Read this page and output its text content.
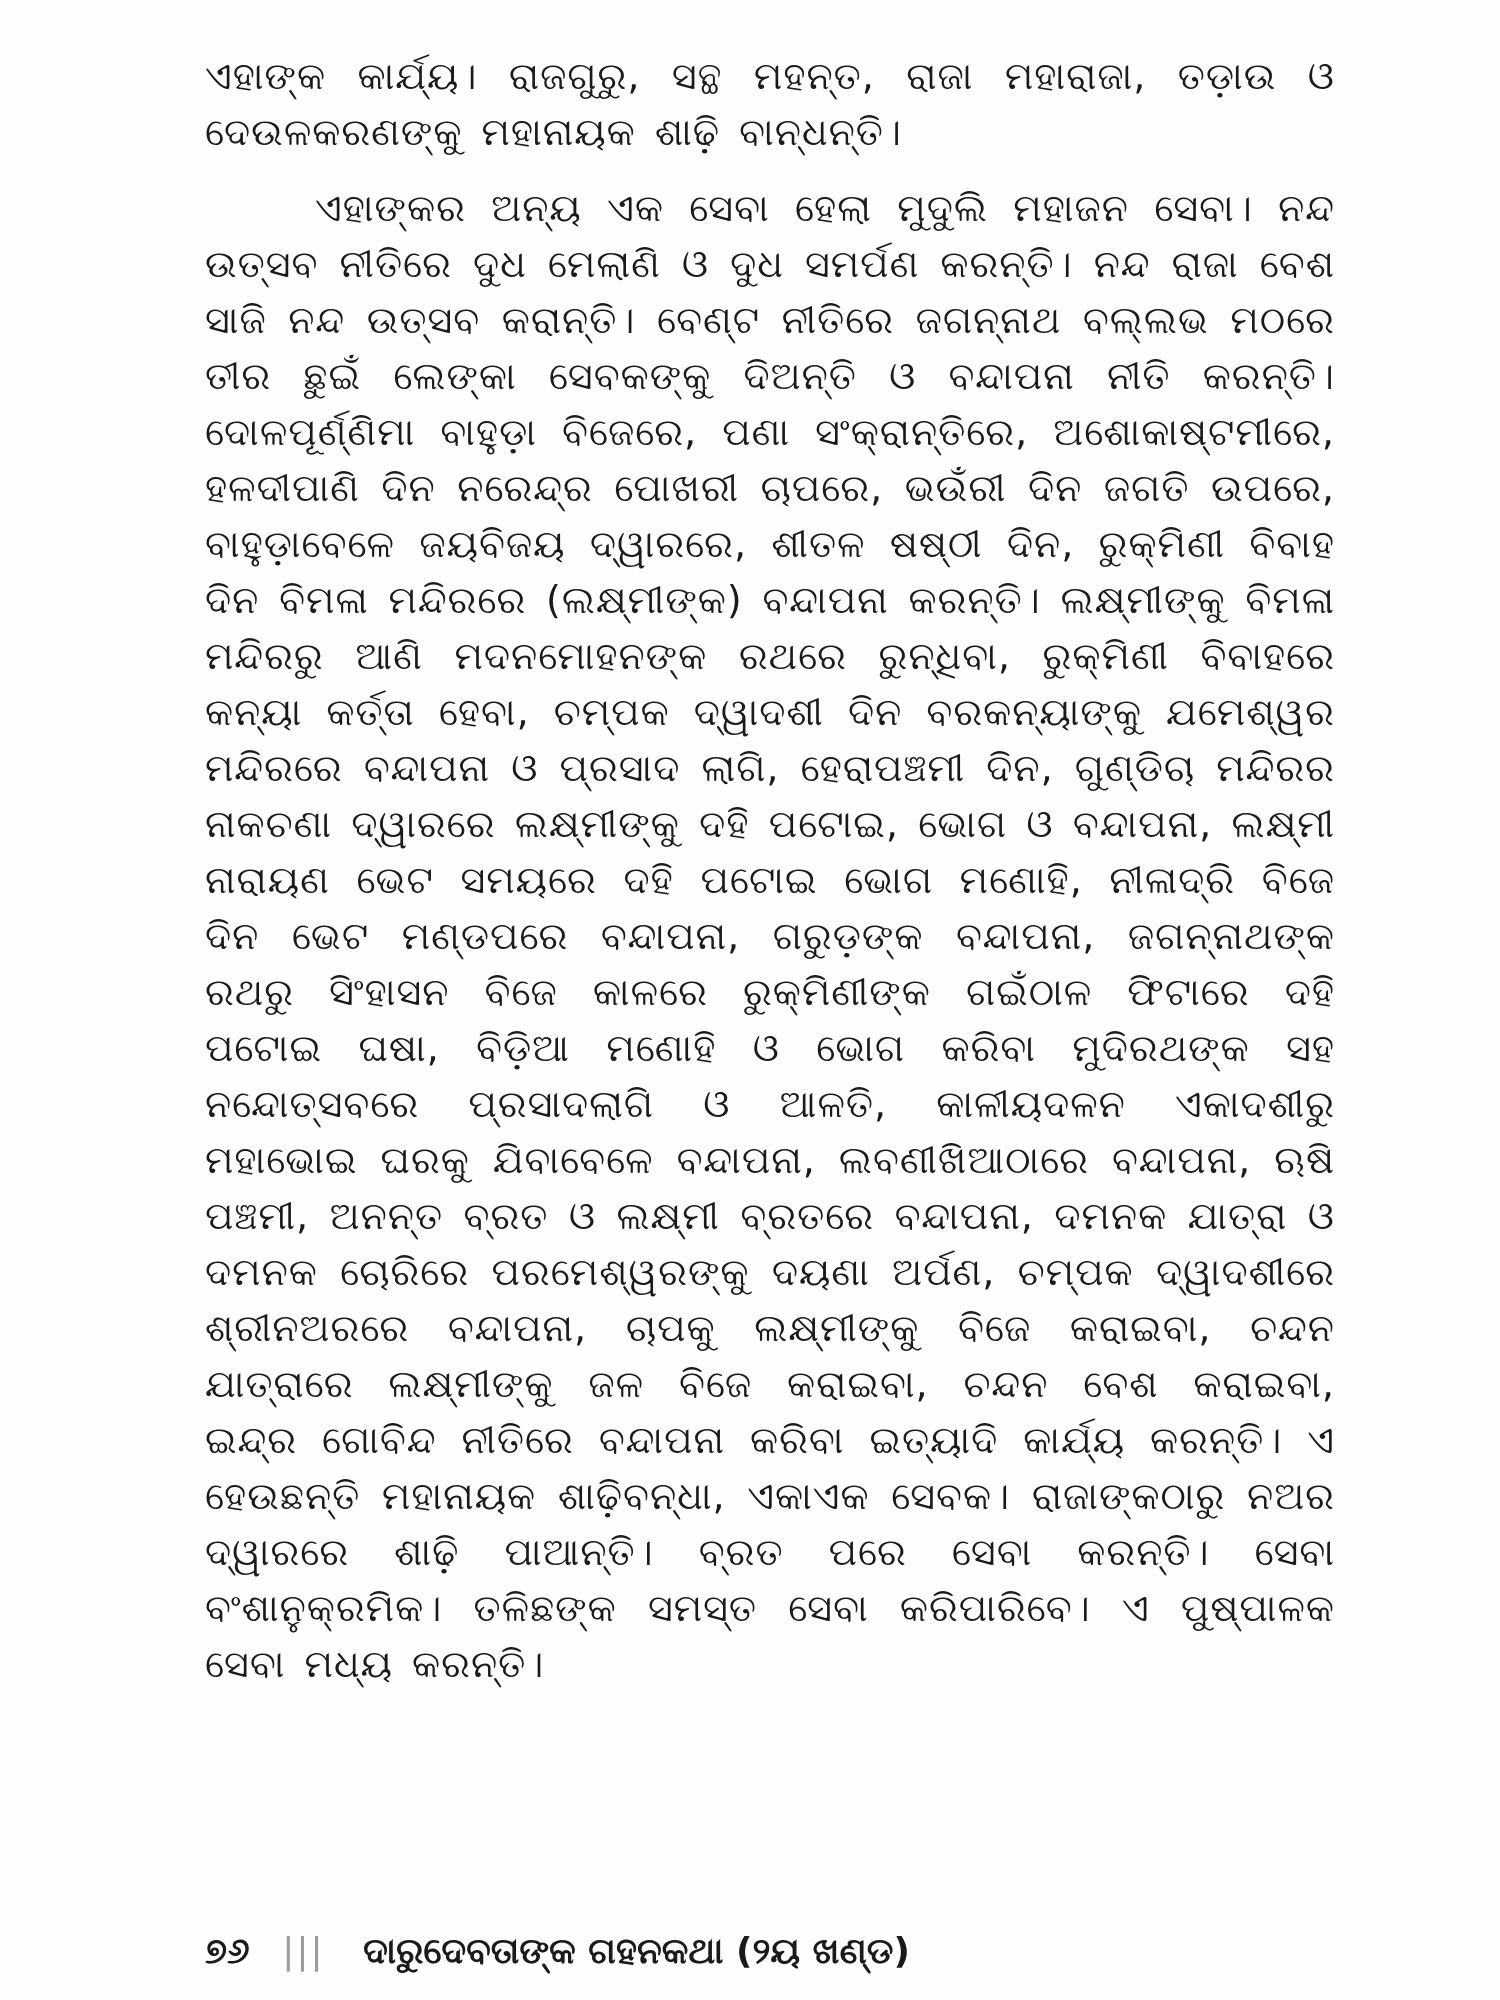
ଏହାଙ୍କ କାର୍ଯ୍ୟ। ରାଜଗୁରୁ, ସନ୍ଥ ମହନ୍ତ, ରାଜା ମହାରାଜା, ତଡ଼ାଉ ଓ ଦେଉଳକରଣଙ୍କୁ ମହାନାୟକ ଶାଢ଼ି ବାନ୍ଧନ୍ତି।

ଏହାଙ୍କର ଅନ୍ୟ ଏକ ସେବା ହେଲା ମୁଦୁଲି ମହାଜନ ସେବା। ନନ୍ଦ ଉତ୍ସବ ନୀତିରେ ଦୁଧ ମେଲାଣି ଓ ଦୁଧ ସମର୍ପଣ କରନ୍ତି। ନନ୍ଦ ରାଜା ବେଶ ସାଜି ନନ୍ଦ ଉତ୍ସବ କରାନ୍ତି। ବେଣ୍ଟ ନୀତିରେ ଜଗନ୍ନାଥ ବଲ୍ଲଭ ମଠରେ ତୀର ଛୁଇଁ ଲେଙ୍କା ସେବକଙ୍କୁ ଦିଅନ୍ତି ଓ ବନ୍ଦାପନା ନୀତି କରନ୍ତି। ଦୋଳପୂର୍ଣ୍ଣିମା ବାହୁଡ଼ା ବିଜେରେ, ପଣା ସଂକ୍ରାନ୍ତିରେ, ଅଶୋକାଷ୍ଟମୀରେ, ହଳଦୀପାଣି ଦିନ ନରେନ୍ଦ୍ର ପୋଖରୀ ଚାପରେ, ଭଉଁରୀ ଦିନ ଜଗତି ଉପରେ, ବାହୁଡ଼ାବେଳେ ଜୟବିଜୟ ଦ୍ୱାରରେ, ଶୀତଳ ଷଷ୍ଠୀ ଦିନ, ରୁକ୍ମିଣୀ ବିବାହ ଦିନ ବିମଳା ମନ୍ଦିରରେ (ଲକ୍ଷ୍ମୀଙ୍କ) ବନ୍ଦାପନା କରନ୍ତି। ଲକ୍ଷ୍ମୀଙ୍କୁ ବିମଳା ମନ୍ଦିରରୁ ଆଣି ମଦନମୋହନଙ୍କ ରଥରେ ରୁନ୍ଧିବା, ରୁକ୍ମିଣୀ ବିବାହରେ କନ୍ୟା କର୍ତ୍ତା ହେବା, ଚମ୍ପକ ଦ୍ୱାଦଶୀ ଦିନ ବରକନ୍ୟାଙ୍କୁ ଯମେଶ୍ୱର ମନ୍ଦିରରେ ବନ୍ଦାପନା ଓ ପ୍ରସାଦ ଲାଗି, ହେରାପଞ୍ଚମୀ ଦିନ, ଗୁଣ୍ଡିଚା ମନ୍ଦିରର ନାକଚଣା ଦ୍ୱାରରେ ଲକ୍ଷ୍ମୀଙ୍କୁ ଦହି ପଟୋଇ, ଭୋଗ ଓ ବନ୍ଦାପନା, ଲକ୍ଷ୍ମୀ ନାରାୟଣ ଭେଟ ସମୟରେ ଦହି ପଟୋଇ ଭୋଗ ମଣୋହି, ନୀଳାଦ୍ରି ବିଜେ ଦିନ ଭେଟ ମଣ୍ଡପରେ ବନ୍ଦାପନା, ଗରୁଡ଼ଙ୍କ ବନ୍ଦାପନା, ଜଗନ୍ନାଥଙ୍କ ରଥରୁ ସିଂହାସନ ବିଜେ କାଳରେ ରୁକ୍ମିଣୀଙ୍କ ଗଇଁଠାଳ ଫିଟାରେ ଦହି ପଟୋଇ ଘଷା, ବିଡ଼ିଆ ମଣୋହି ଓ ଭୋଗ କରିବା ମୁଦିରଥଙ୍କ ସହ ନନ୍ଦୋତ୍ସବରେ ପ୍ରସାଦଲାଗି ଓ ଆଳତି, କାଳୀୟଦଳନ ଏକାଦଶୀରୁ ମହାଭୋଇ ଘରକୁ ଯିବାବେଳେ ବନ୍ଦାପନା, ଲବଣୀଖିଆଠାରେ ବନ୍ଦାପନା, ଋଷି ପଞ୍ଚମୀ, ଅନନ୍ତ ବ୍ରତ ଓ ଲକ୍ଷ୍ମୀ ବ୍ରତରେ ବନ୍ଦାପନା, ଦମନକ ଯାତ୍ରା ଓ ଦମନକ ଚୋରିରେ ପରମେଶ୍ୱରଙ୍କୁ ଦୟଣା ଅର୍ପଣ, ଚମ୍ପକ ଦ୍ୱାଦଶୀରେ ଶ୍ରୀନଅରରେ ବନ୍ଦାପନା, ଚାପକୁ ଲକ୍ଷ୍ମୀଙ୍କୁ ବିଜେ କରାଇବା, ଚନ୍ଦନ ଯାତ୍ରାରେ ଲକ୍ଷ୍ମୀଙ୍କୁ ଜଳ ବିଜେ କରାଇବା, ଚନ୍ଦନ ବେଶ କରାଇବା, ଇନ୍ଦ୍ର ଗୋବିନ୍ଦ ନୀତିରେ ବନ୍ଦାପନା କରିବା ଇତ୍ୟାଦି କାର୍ଯ୍ୟ କରନ୍ତି। ଏ ହେଉଛନ୍ତି ମହାନାୟକ ଶାଢ଼ିବନ୍ଧା, ଏକାଏକ ସେବକ। ରାଜାଙ୍କଠାରୁ ନଅର ଦ୍ୱାରରେ ଶାଢ଼ି ପାଆନ୍ତି। ବ୍ରତ ପରେ ସେବା କରନ୍ତି। ସେବା ବଂଶାନୁକ୍ରମିକ। ତଳିଛଙ୍କ ସମସ୍ତ ସେବା କରିପାରିବେ। ଏ ପୁଷ୍ପାଳକ ସେବା ମଧ୍ୟ କରନ୍ତି।

୭୬ ||| ଦାରୁଦେବତାଙ୍କ ଗହନକଥା (୨ୟ ଖଣ୍ଡ)
